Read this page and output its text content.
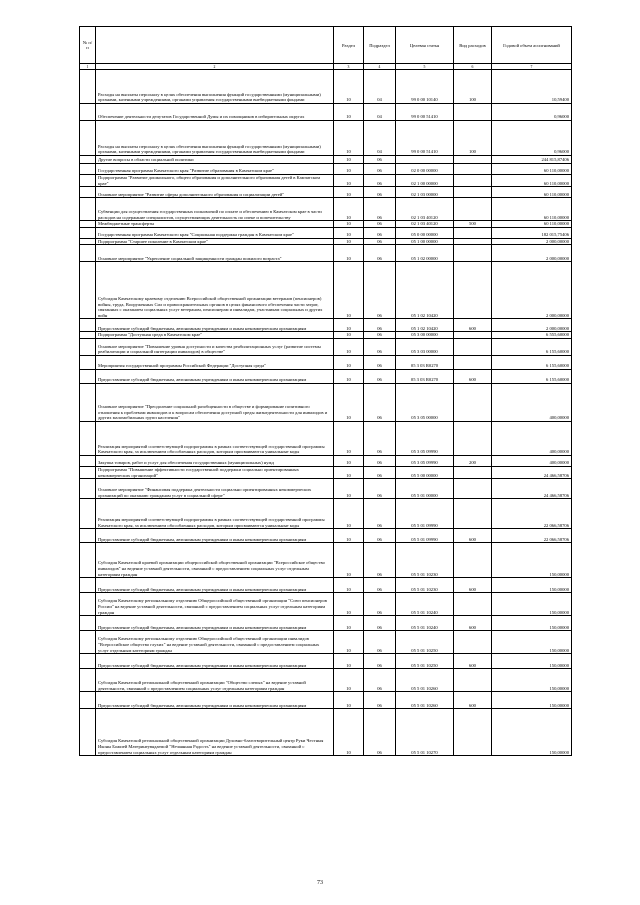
№ п/п		Раздел	Подраздел	Целевая статья	Вид расходов	Годовой объем ассигнований
1	2	3	4	5	6	7
	Расходы на выплаты персоналу в целях обеспечения выполнения функций государственными (муниципальными) органами, казенными учреждениями, органами управления государственными внебюджетными фондами	10	04	99 0 00 10140	100	10,59400
	Обеспечение деятельности депутатов Государственной Думы и их помощников в избирательных округах	10	04	99 0 00 51410		0,96000
	Расходы на выплаты персоналу в целях обеспечения выполнения функций государственными (муниципальными) органами, казенными учреждениями, органами управления государственными внебюджетными фондами	10	04	99 0 00 51410	100	0,96000
	Другие вопросы в области социальной политики	10	06			244 815,87406
	Государственная программа Камчатского края "Развитие образования в Камчатском крае"	10	06	02 0 00 00000		60 110,00000
	Подпрограмма "Развитие дошкольного, общего образования и дополнительного образования детей в Камчатском крае"	10	06	02 1 00 00000		60 110,00000
	Основное мероприятие "Развитие сферы дополнительного образования и социализации детей"	10	06	02 1 03 00000		60 110,00000
	Субвенции для осуществления государственных полномочий по оплате и обеспечению в Камчатском крае в части расходов на содержание специалистов, осуществляющих деятельность по опеке и попечительству	10	06	02 1 03 40120		60 110,00000
	Межбюджетные трансферты	10	06	02 1 03 40120	500	60 110,00000
	Государственная программа Камчатского края "Социальная поддержка граждан в Камчатском крае"	10	06	05 0 00 00000		182 015,75406
	Подпрограмма "Старшее поколение в Камчатском крае"	10	06	05 1 00 00000		2 000,00000
	Основное мероприятие "Укрепление социальной защищенности граждан пожилого возраста"	10	06	05 1 02 00000		2 000,00000
	Субсидия Камчатскому краевому отделению Всероссийской общественной организации ветеранов (пенсионеров) войны, труда, Вооруженных Сил и правоохранительных органов в целях финансового обеспечения части затрат, связанных с оказанием социальных услуг ветеранам, пенсионерам и инвалидам, участникам социальных и других войн	10	06	05 1 02 10420		2 000,00000
	Предоставление субсидий бюджетным, автономным учреждениям и иным некоммерческим организациям	10	06	05 1 02 10420	600	2 000,00000
	Подпрограмма "Доступная среда в Камчатском крае"	10	06	05 3 00 00000		6 555,60000
	Основное мероприятие "Повышение уровня доступности и качества реабилитационных услуг (развитие системы реабилитации и социальной интеграции инвалидов) в обществе"	10	06	05 3 03 00000		6 155,60000
	Мероприятия государственной программы Российской Федерации "Доступная среда"	10	06	05 3 03 R0270		6 155,60000
	Предоставление субсидий бюджетным, автономным учреждениям и иным некоммерческим организациям	10	06	05 3 03 R0270	600	6 155,60000
	Основное мероприятие "Преодоление социальной разобщенности в обществе и формирование позитивного отношения к проблемам инвалидов и к вопросам обеспечения доступной среды жизнедеятельности для инвалидов и других маломобильных групп населения"	10	06	05 3 05 00000		400,00000
	Реализация мероприятий соответствующей подпрограммы в рамках соответствующей государственной программы Камчатского края, за исключением обособленных расходов, которым присваиваются уникальные коды	10	06	05 3 05 09990		400,00000
	Закупка товаров, работ и услуг для обеспечения государственных (муниципальных) нужд	10	06	05 3 05 09990	200	400,00000
	Подпрограмма "Повышение эффективности государственной поддержки социально ориентированных некоммерческих организаций"	10	06	05 5 00 00000		24 466,58706
	Основное мероприятие "Финансовая поддержка деятельности социально ориентированных некоммерческих организаций по оказанию гражданам услуг в социальной сфере"	10	06	05 5 01 00000		24 466,58706
	Реализация мероприятий соответствующей подпрограммы в рамках соответствующей государственной программы Камчатского края, за исключением обособленных расходов, которым присваиваются уникальные коды	10	06	05 5 01 09990		22 066,58706
	Предоставление субсидий бюджетным, автономным учреждениям и иным некоммерческим организациям	10	06	05 5 01 09990	600	22 066,58706
	Субсидия Камчатской краевой организации общероссийской общественной организации "Всероссийское общество инвалидов" на ведение уставной деятельности, связанной с предоставлением социальных услуг отдельным категориям граждан	10	06	05 5 01 10230		150,00000
	Предоставление субсидий бюджетным, автономным учреждениям и иным некоммерческим организациям	10	06	05 5 01 10230	600	150,00000
	Субсидия Камчатскому региональному отделению Общероссийской общественной организации "Союз пенсионеров России" на ведение уставной деятельности, связанной с предоставлением социальных услуг отдельным категориям граждан	10	06	05 5 01 10240		150,00000
	Предоставление субсидий бюджетным, автономным учреждениям и иным некоммерческим организациям	10	06	05 5 01 10240	600	150,00000
	Субсидия Камчатскому региональному отделению Общероссийской общественной организации инвалидов "Всероссийское общество глухих" на ведение уставной деятельности, связанной с предоставлением социальных услуг отдельным категориям граждан	10	06	05 5 01 10250		150,00000
	Предоставление субсидий бюджетным, автономным учреждениям и иным некоммерческим организациям	10	06	05 5 01 10250	600	150,00000
	Субсидия Камчатской региональной общественной организации "Общество слепых" на ведение уставной деятельности, связанной с предоставлением социальных услуг отдельным категориям граждан	10	06	05 5 01 10260		150,00000
	Предоставление субсидий бюджетным, автономным учреждениям и иным некоммерческим организациям	10	06	05 5 01 10260	600	150,00000
	Субсидия Камчатской региональной общественной организации Духовно-благотворительный центр Руки Честныя Иконы Божией Материнеувядаемой "Нечаянная Радость" на ведение уставной деятельности, связанной с предоставлением социальных услуг отдельным категориям граждан	10	06	05 5 01 10270		150,00000
73
